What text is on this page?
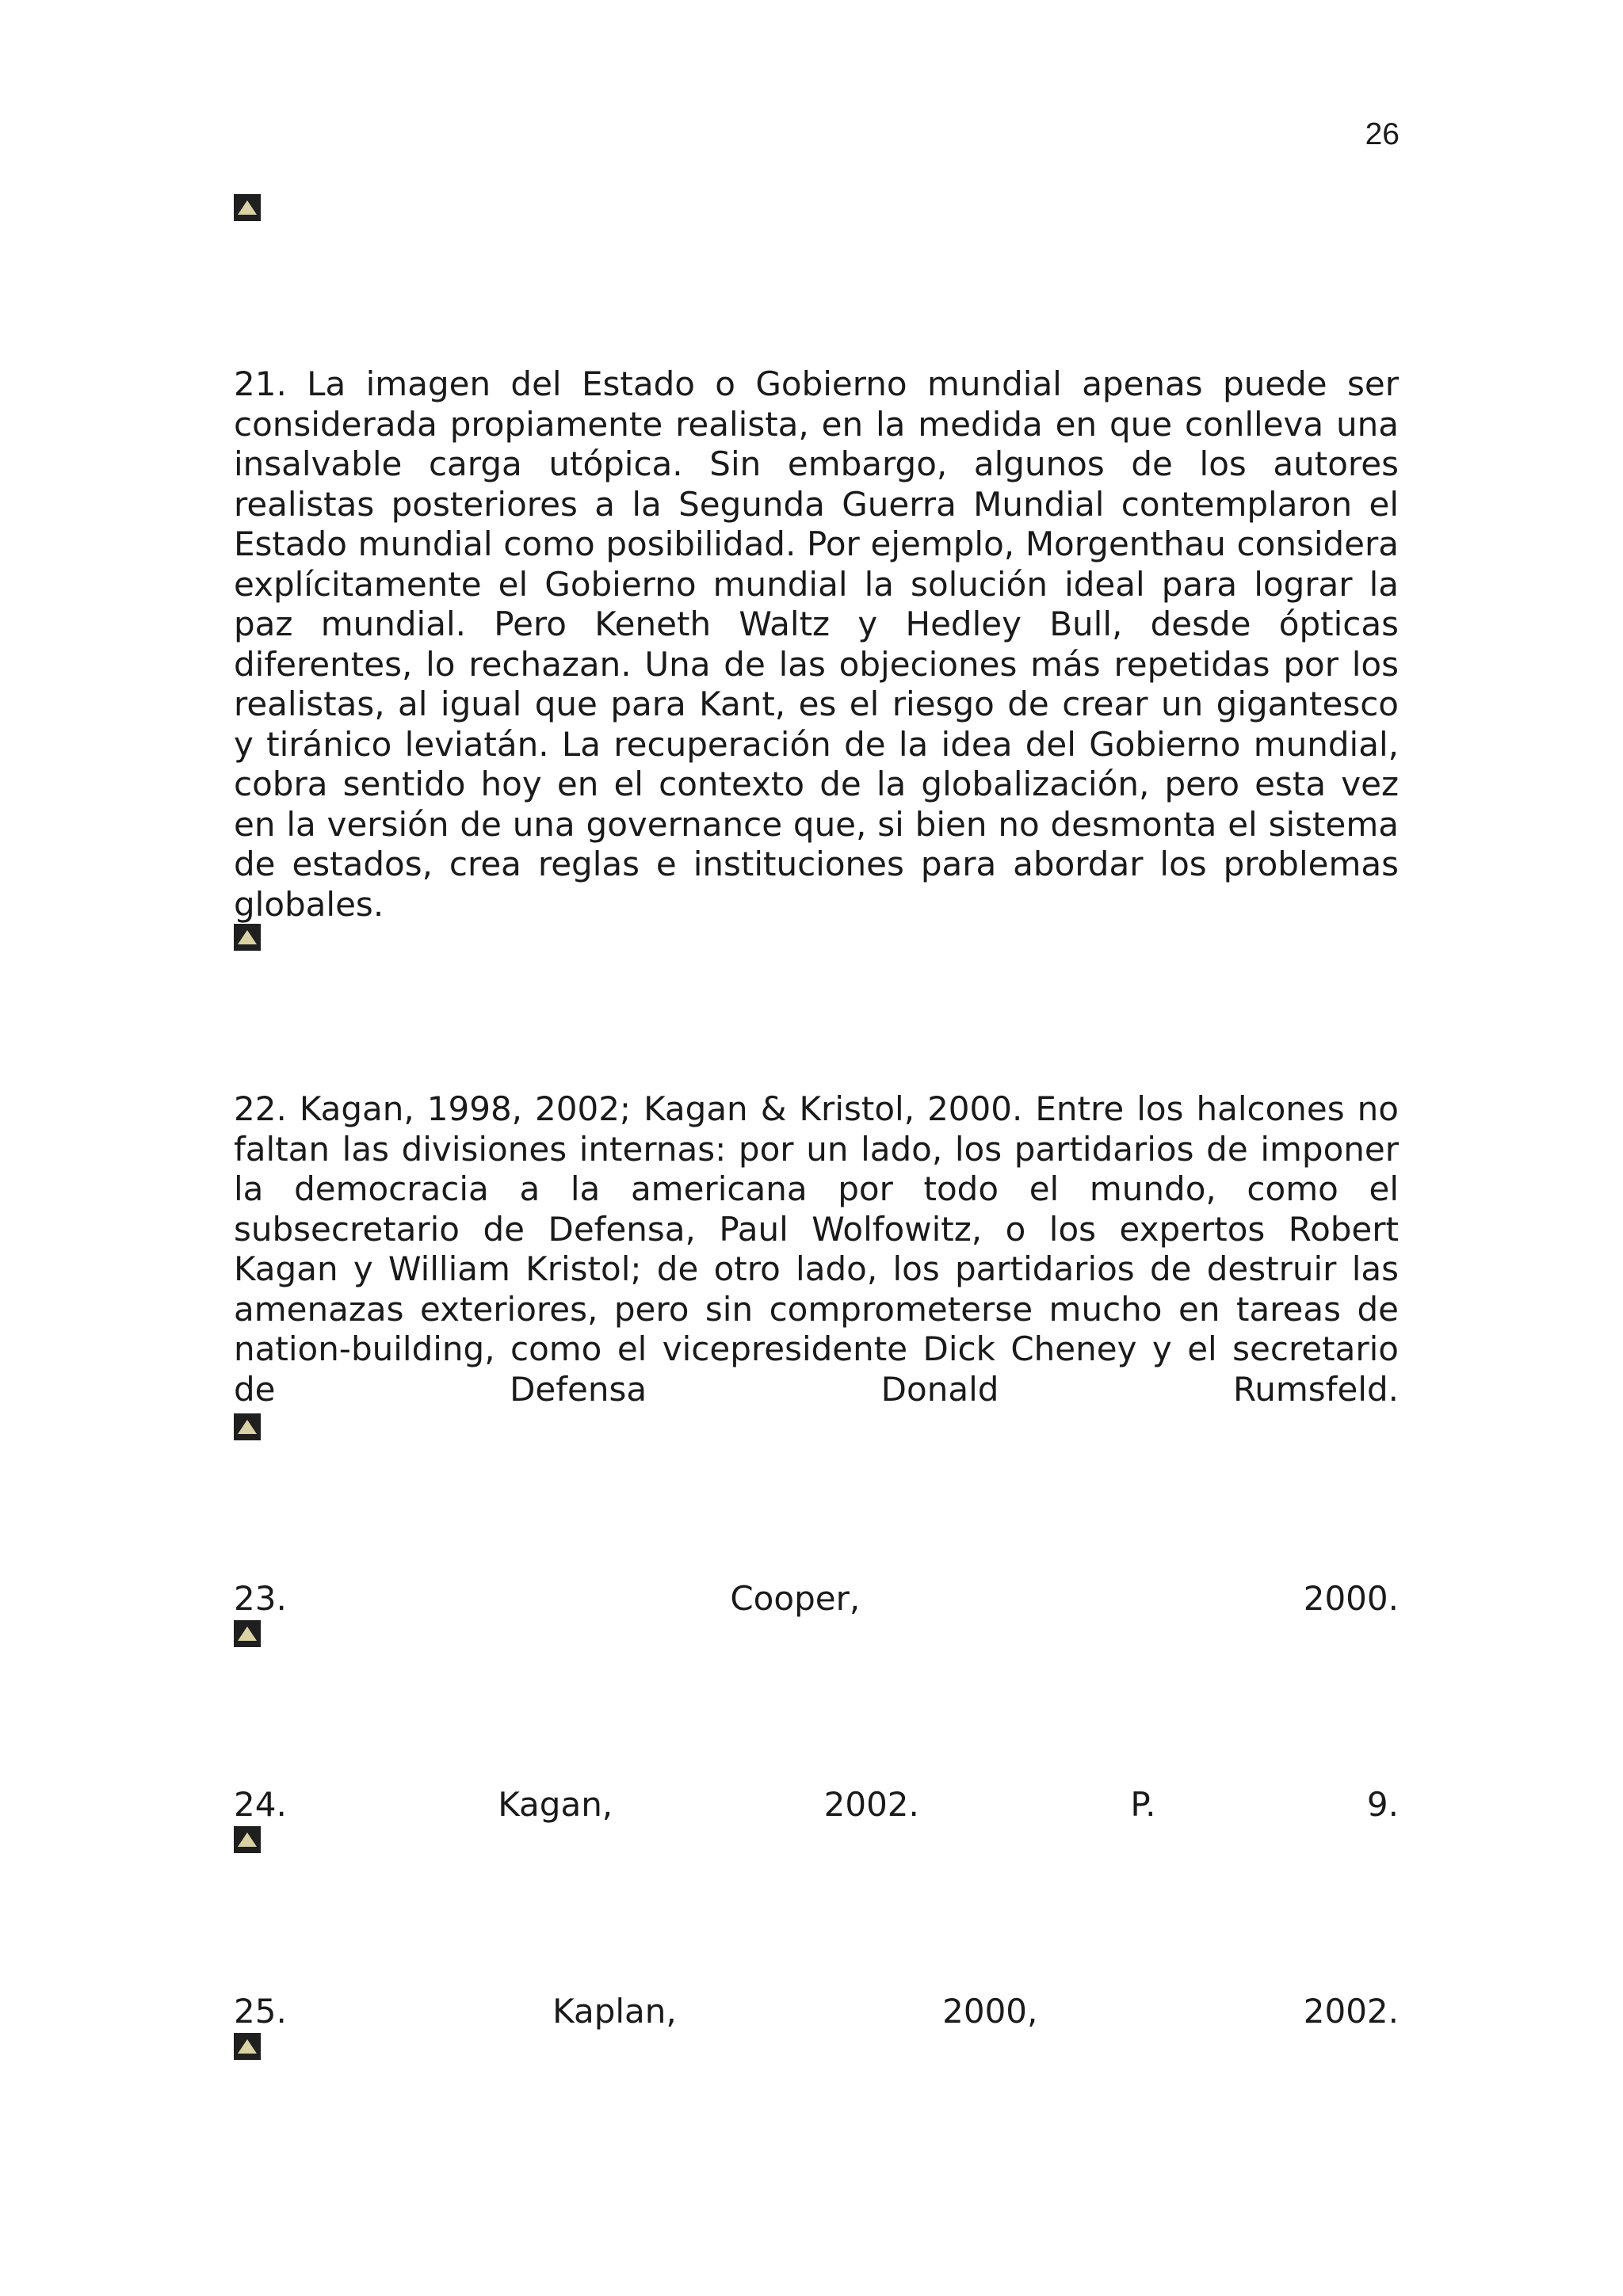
26

21. La imagen del Estado o Gobierno mundial apenas puede ser considerada propiamente realista, en la medida en que conlleva una insalvable carga utópica. Sin embargo, algunos de los autores realistas posteriores a la Segunda Guerra Mundial contemplaron el Estado mundial como posibilidad. Por ejemplo, Morgenthau considera explícitamente el Gobierno mundial la solución ideal para lograr la paz mundial. Pero Keneth Waltz y Hedley Bull, desde ópticas diferentes, lo rechazan. Una de las objeciones más repetidas por los realistas, al igual que para Kant, es el riesgo de crear un gigantesco y tiránico leviatán. La recuperación de la idea del Gobierno mundial, cobra sentido hoy en el contexto de la globalización, pero esta vez en la versión de una governance que, si bien no desmonta el sistema de estados, crea reglas e instituciones para abordar los problemas globales.

22. Kagan, 1998, 2002; Kagan & Kristol, 2000. Entre los halcones no faltan las divisiones internas: por un lado, los partidarios de imponer la democracia a la americana por todo el mundo, como el subsecretario de Defensa, Paul Wolfowitz, o los expertos Robert Kagan y William Kristol; de otro lado, los partidarios de destruir las amenazas exteriores, pero sin comprometerse mucho en tareas de nation-building, como el vicepresidente Dick Cheney y el secretario de Defensa Donald Rumsfeld.

23.	Cooper,	2000.
24.	Kagan,	2002.	P.	9.
25.	Kaplan,	2000,	2002.
